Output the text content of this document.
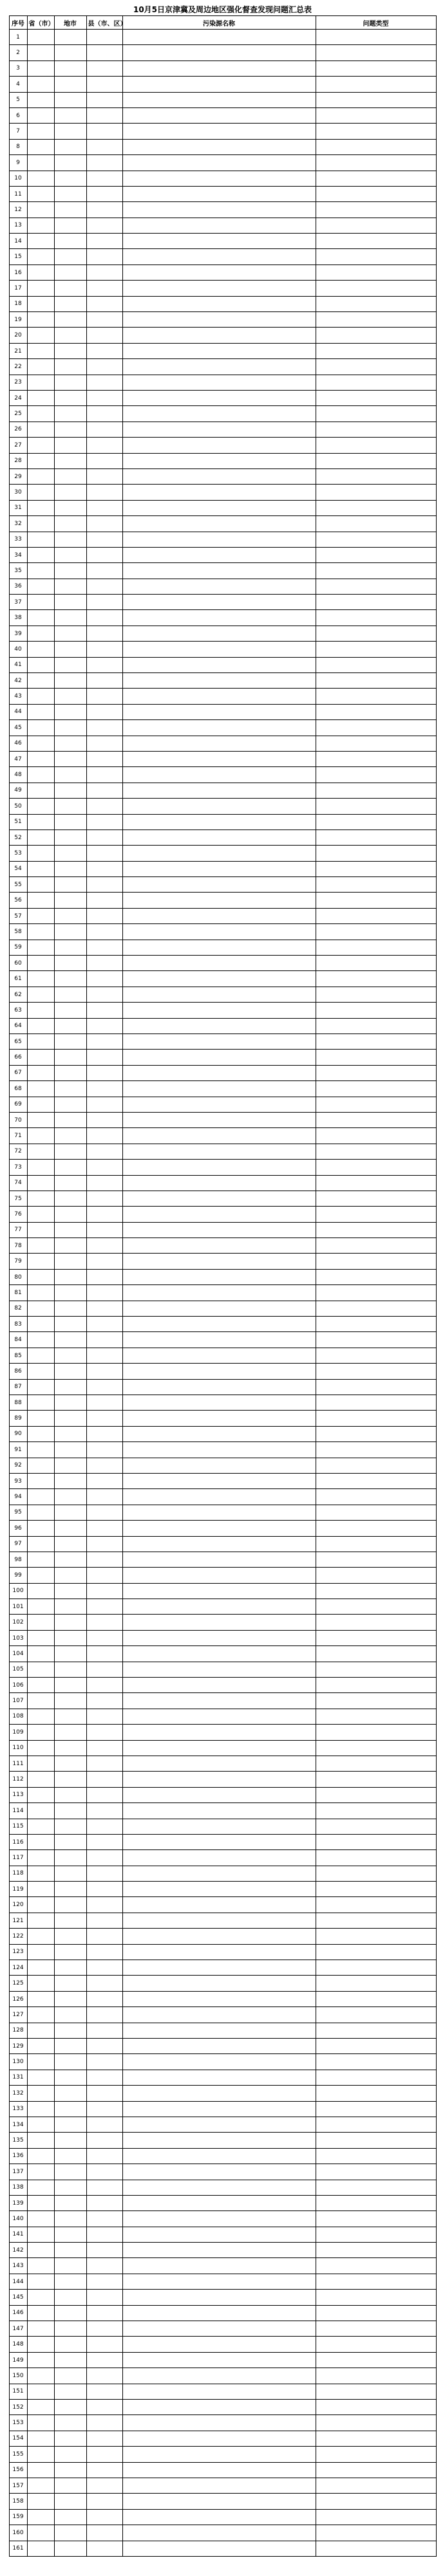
10月5日京津冀及周边地区强化督查发现问题汇总表
序号	省（市）	地市	县（市、区）	污染源名称	问题类型
1					
2					
3					
4					
5					
6					
7					
8					
9					
10					
11					
12					
13					
14					
15					
16					
17					
18					
19					
20					
21					
22					
23					
24					
25					
26					
27					
28					
29					
30					
31					
32					
33					
34					
35					
36					
37					
38					
39					
40					
41					
42					
43					
44					
45					
46					
47					
48					
49					
50					
51					
52					
53					
54					
55					
56					
57					
58					
59					
60					
61					
62					
63					
64					
65					
66					
67					
68					
69					
70					
71					
72					
73					
74					
75					
76					
77					
78					
79					
80					
81					
82					
83					
84					
85					
86					
87					
88					
89					
90					
91					
92					
93					
94					
95					
96					
97					
98					
99					
100					
101					
102					
103					
104					
105					
106					
107					
108					
109					
110					
111					
112					
113					
114					
115					
116					
117					
118					
119					
120					
121					
122					
123					
124					
125					
126					
127					
128					
129					
130					
131					
132					
133					
134					
135					
136					
137					
138					
139					
140					
141					
142					
143					
144					
145					
146					
147					
148					
149					
150					
151					
152					
153					
154					
155					
156					
157					
158					
159					
160					
161					
